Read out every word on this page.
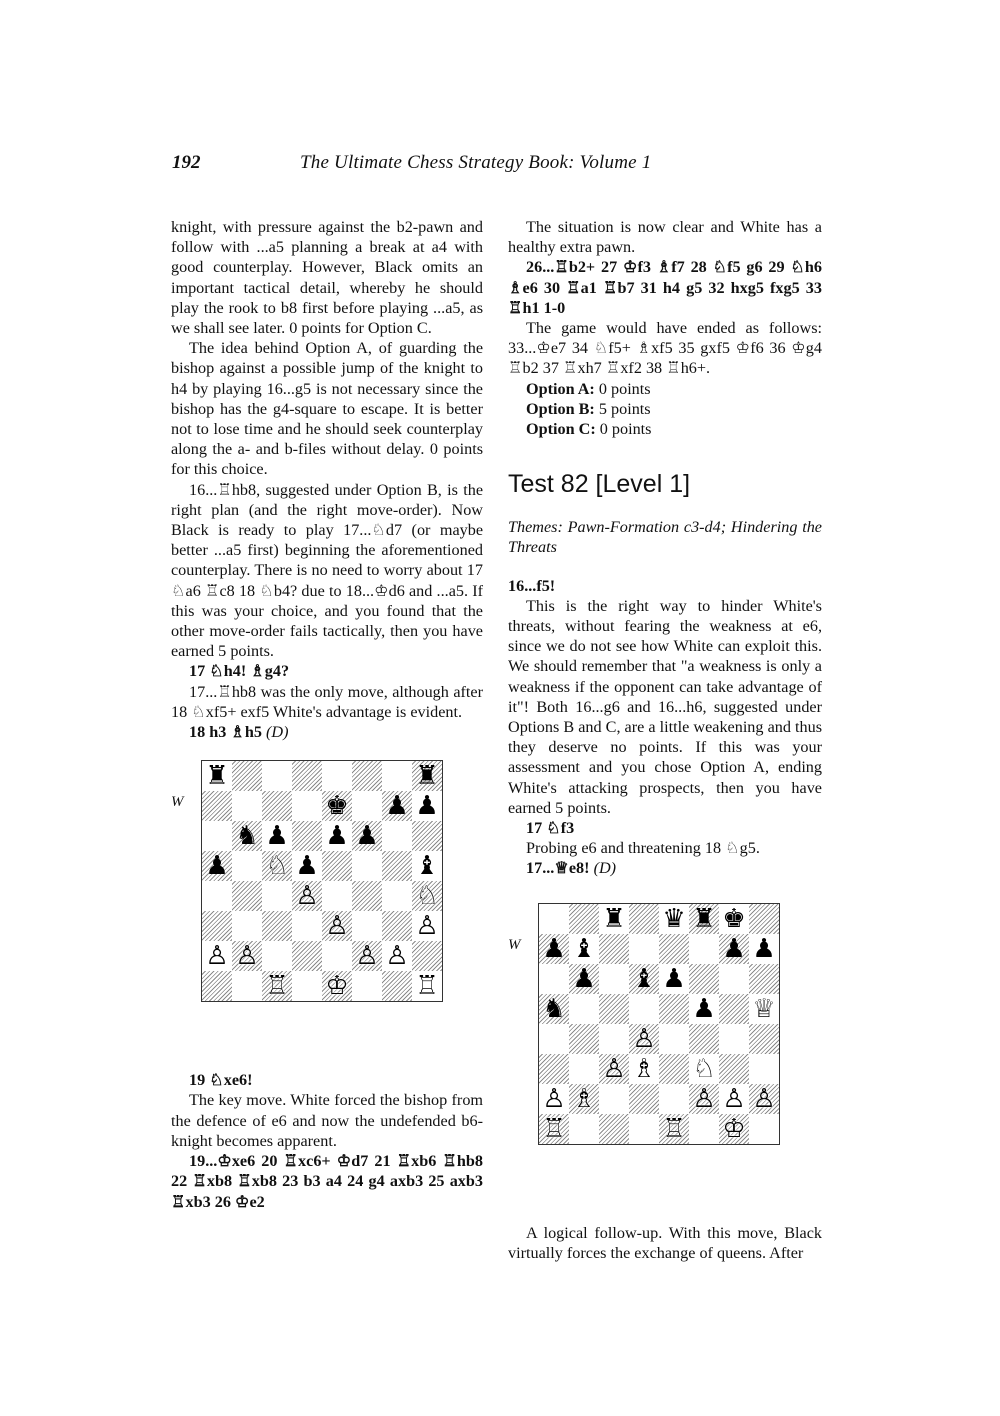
192	The Ultimate Chess Strategy Book: Volume 1

knight, with pressure against the b2-pawn and follow with ...a5 planning a break at a4 with good counterplay. However, Black omits an important tactical detail, whereby he should play the rook to b8 first before playing ...a5, as we shall see later. 0 points for Option C.

The idea behind Option A, of guarding the bishop against a possible jump of the knight to h4 by playing 16...g5 is not necessary since the bishop has the g4-square to escape. It is better not to lose time and he should seek counterplay along the a- and b-files without delay. 0 points for this choice.

16...♖hb8, suggested under Option B, is the right plan (and the right move-order). Now Black is ready to play 17...♘d7 (or maybe better ...a5 first) beginning the aforementioned counterplay. There is no need to worry about 17 ♘a6 ♖c8 18 ♘b4? due to 18...♔d6 and ...a5. If this was your choice, and you found that the other move-order fails tactically, then you have earned 5 points.

17 ♘h4! ♗g4?

17...♖hb8 was the only move, although after 18 ♘xf5+ exf5 White's advantage is evident.

18 h3 ♗h5 (D)

W
♜	♜
♚ ♟ ♟
♞ ♟ ♟ ♟
♟ ♘ ♟	♝
♙	♘
♙	♙
♙ ♙	♙ ♙
♖ ♔	♖

19 ♘xe6!

The key move. White forced the bishop from the defence of e6 and now the undefended b6-knight becomes apparent.

19...♔xe6 20 ♖xc6+ ♔d7 21 ♖xb6 ♖hb8 22 ♖xb8 ♖xb8 23 b3 a4 24 g4 axb3 25 axb3 ♖xb3 26 ♔e2

The situation is now clear and White has a healthy extra pawn.

26...♖b2+ 27 ♔f3 ♗f7 28 ♘f5 g6 29 ♘h6 ♗e6 30 ♖a1 ♖b7 31 h4 g5 32 hxg5 fxg5 33 ♖h1 1-0

The game would have ended as follows: 33...♔e7 34 ♘f5+ ♗xf5 35 gxf5 ♔f6 36 ♔g4 ♖b2 37 ♖xh7 ♖xf2 38 ♖h6+.

Option A: 0 points

Option B: 5 points

Option C: 0 points

Test 82 [Level 1]

Themes: Pawn-Formation c3-d4; Hindering the Threats

16...f5!

This is the right way to hinder White's threats, without fearing the weakness at e6, since we do not see how White can exploit this. We should remember that "a weakness is only a weakness if the opponent can take advantage of it"! Both 16...g6 and 16...h6, suggested under Options B and C, are a little weakening and thus they deserve no points. If this was your assessment and you chose Option A, ending White's attacking prospects, then you have earned 5 points.

17 ♘f3

Probing e6 and threatening 18 ♘g5.

17...♕e8! (D)

W
♜ ♛ ♜ ♚
♟ ♝	♟ ♟
♟ ♝ ♟
♞	♟ ♕
♙
♙ ♗ ♘
♙ ♗	♙ ♙ ♙
♖	♖ ♔

A logical follow-up. With this move, Black virtually forces the exchange of queens. After
